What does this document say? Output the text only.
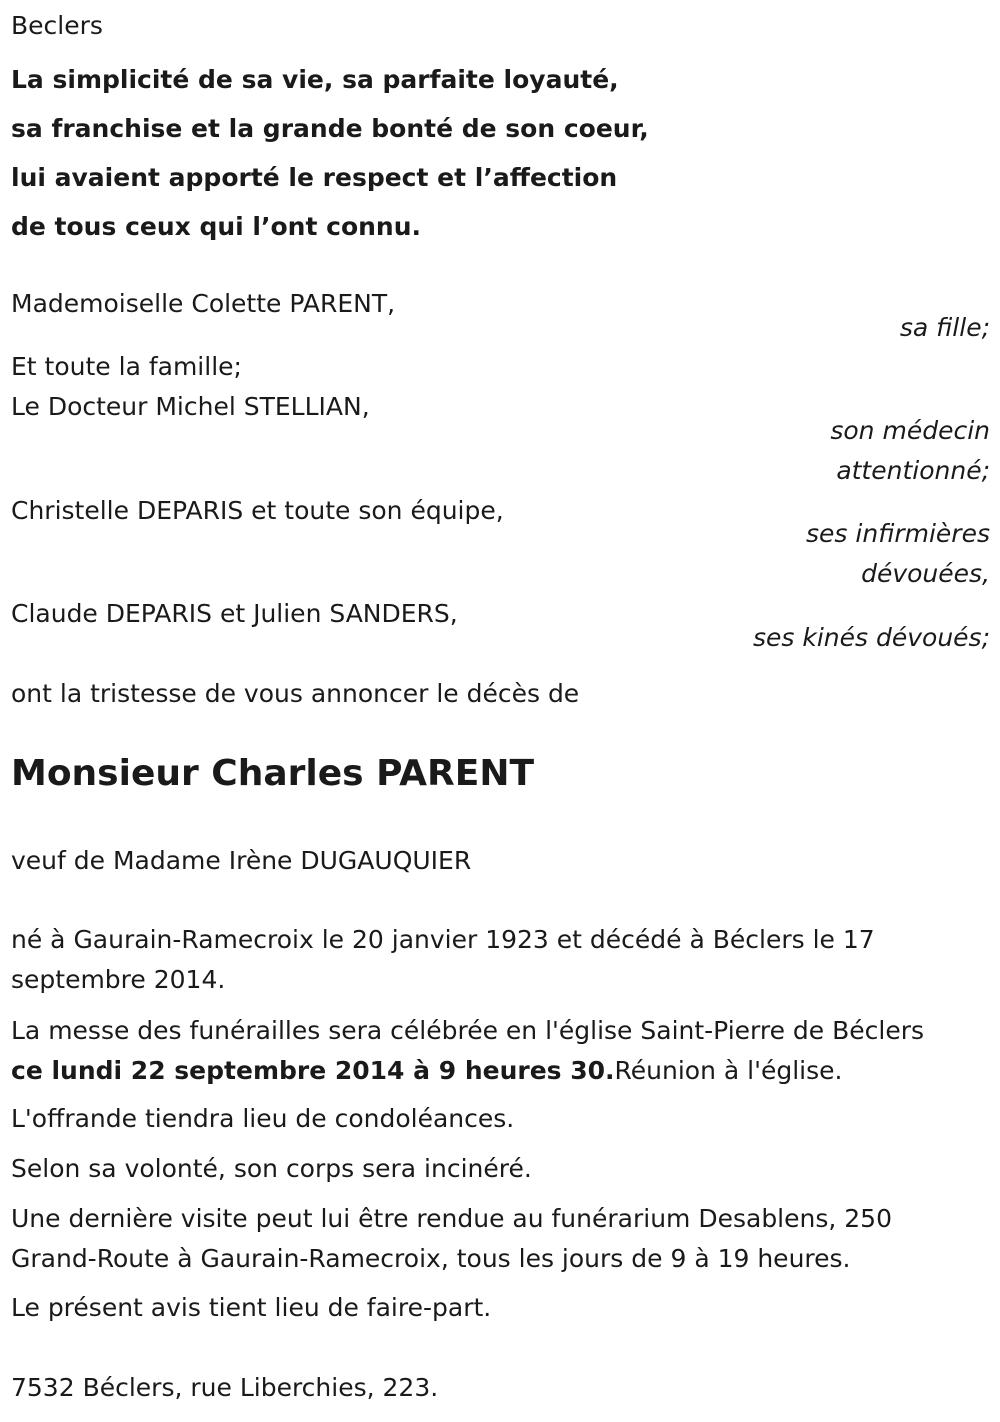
Beclers
La simplicité de sa vie, sa parfaite loyauté,
sa franchise et la grande bonté de son coeur,
lui avaient apporté le respect et l’affection
de tous ceux qui l’ont connu.
Mademoiselle Colette PARENT,
sa fille;
Et toute la famille;
Le Docteur Michel STELLIAN,
son médecin
attentionné;
Christelle DEPARIS et toute son équipe,
ses infirmières
dévouées,
Claude DEPARIS et Julien SANDERS,
ses kinés dévoués;
ont la tristesse de vous annoncer le décès de
Monsieur Charles PARENT
veuf de Madame Irène DUGAUQUIER
né à Gaurain-Ramecroix le 20 janvier 1923 et décédé à Béclers le 17
septembre 2014.
La messe des funérailles sera célébrée en l'église Saint-Pierre de Béclers
ce lundi 22 septembre 2014 à 9 heures 30.Réunion à l'église.
L'offrande tiendra lieu de condoléances.
Selon sa volonté, son corps sera incinéré.
Une dernière visite peut lui être rendue au funérarium Desablens, 250
Grand-Route à Gaurain-Ramecroix, tous les jours de 9 à 19 heures.
Le présent avis tient lieu de faire-part.
7532 Béclers, rue Liberchies, 223.
